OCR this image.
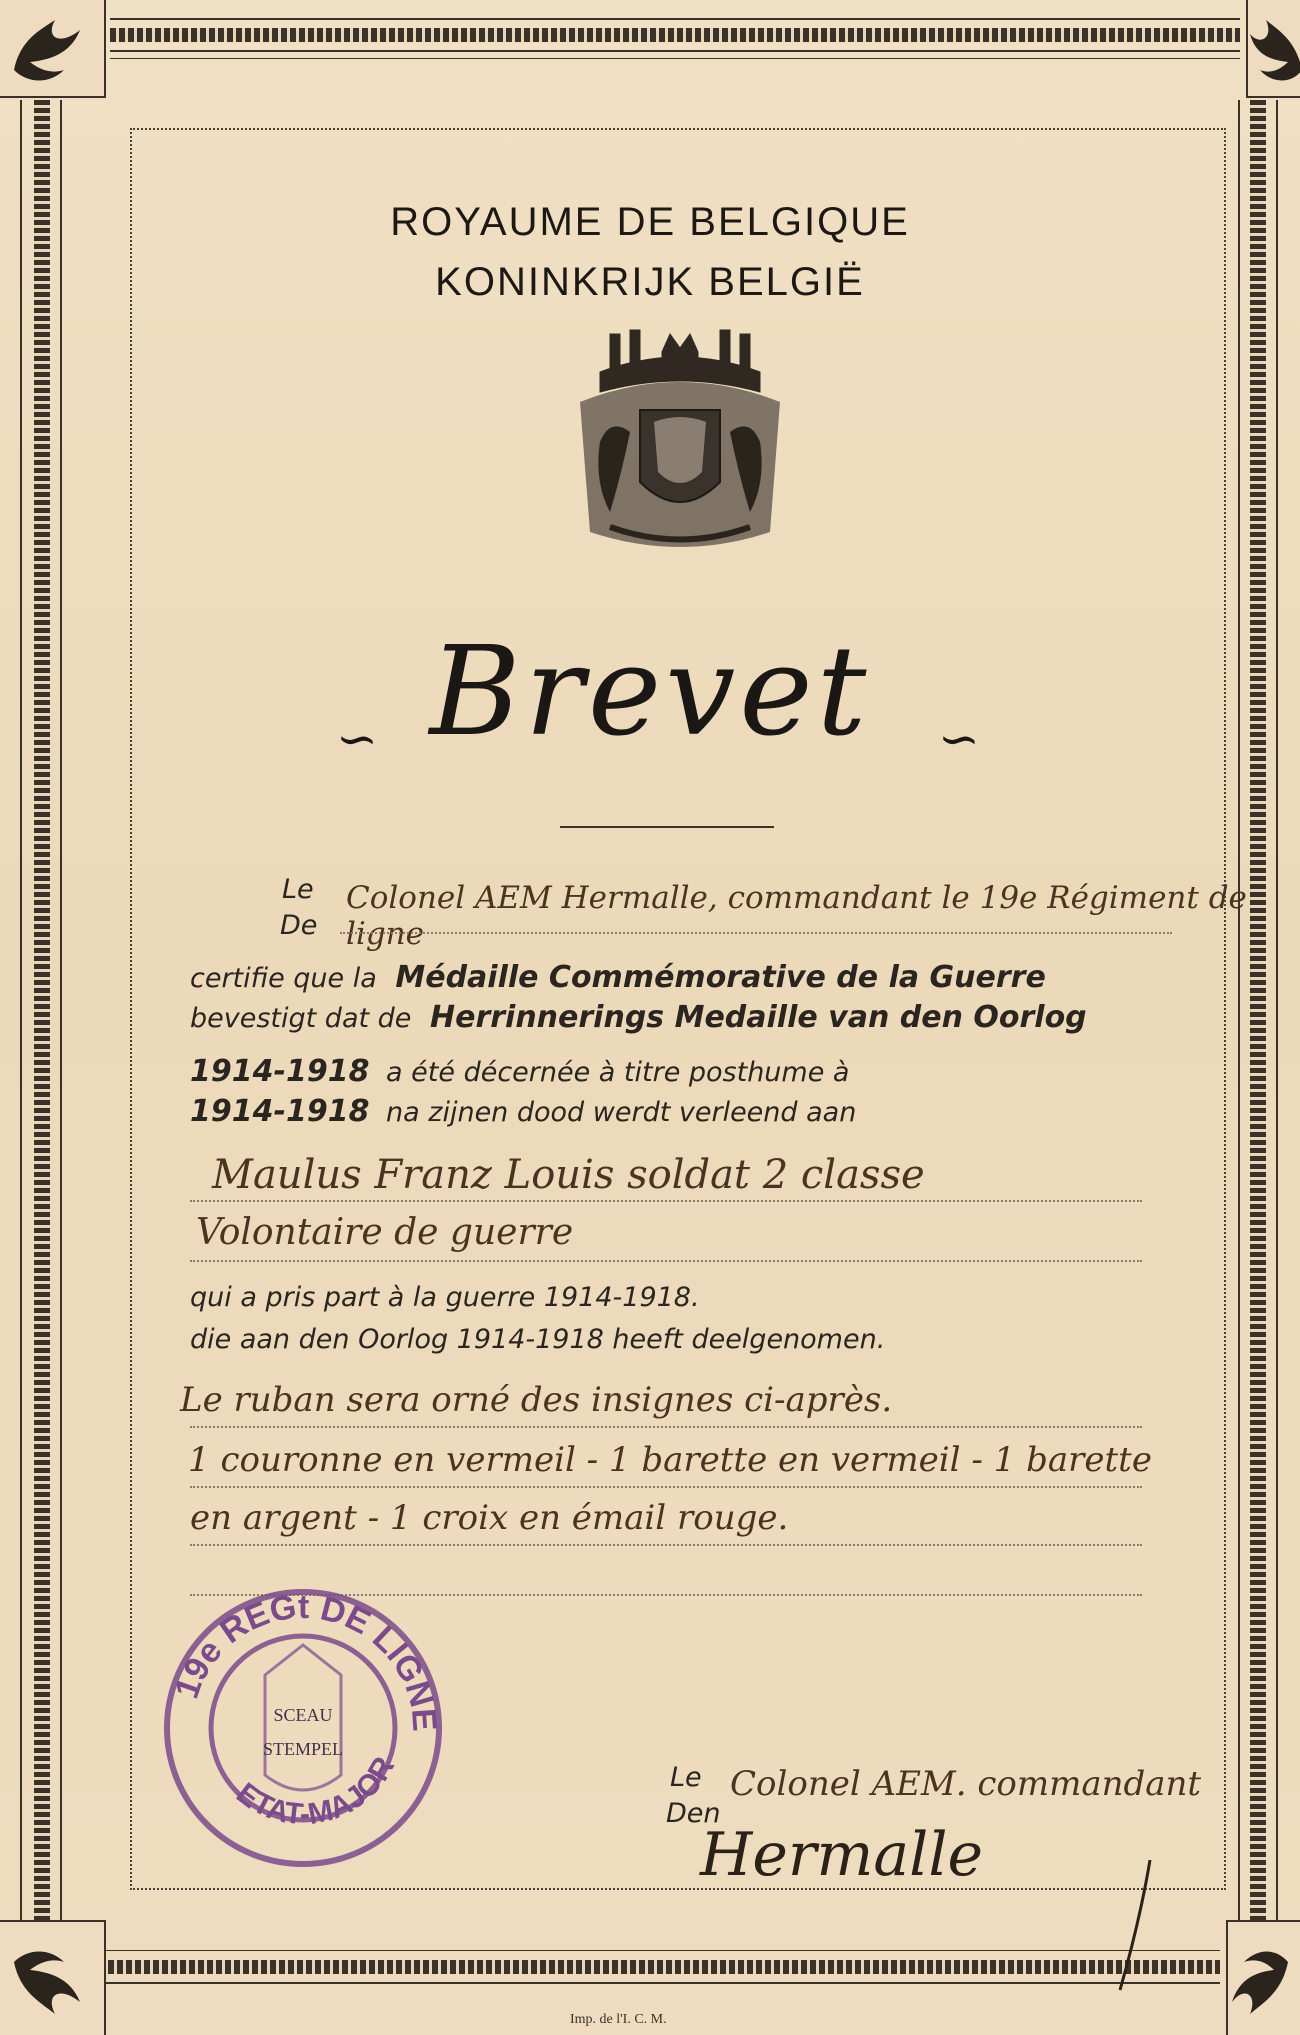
ROYAUME DE BELGIQUE
KONINKRIJK BELGIË
Brevet
∽	∽
Le
De
Colonel AEM Hermalle, commandant le 19e Régiment de ligne
certifie que la Médaille Commémorative de la Guerre
bevestigt dat de Herrinnerings Medaille van den Oorlog
1914-1918 a été décernée à titre posthume à
1914-1918 na zijnen dood werdt verleend aan
Maulus Franz Louis soldat 2 classe
Volontaire de guerre
qui a pris part à la guerre 1914-1918.
die aan den Oorlog 1914-1918 heeft deelgenomen.
Le ruban sera orné des insignes ci-après.
1 couronne en vermeil - 1 barette en vermeil - 1 barette
en argent - 1 croix en émail rouge.
19e REGt DE LIGNE
ETAT-MAJOR
SCEAU
STEMPEL
Le
Den
Colonel AEM. commandant
Hermalle
Imp. de l'I. C. M.
